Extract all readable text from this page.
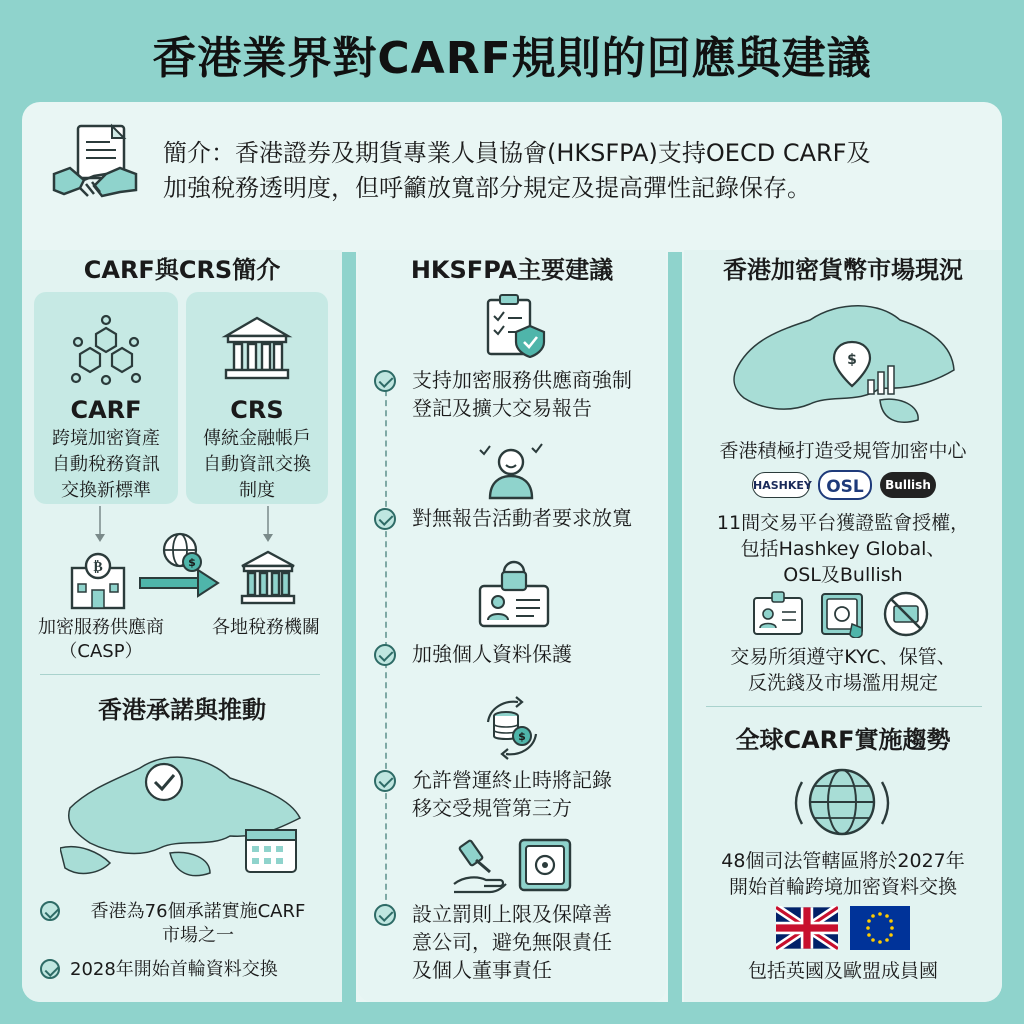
香港業界對CARF規則的回應與建議
簡介：香港證券及期貨專業人員協會(HKSFPA)支持OECD CARF及
加強稅務透明度，但呼籲放寬部分規定及提高彈性記錄保存。
CARF與CRS簡介
CARF
跨境加密資產
自動稅務資訊
交換新標準
CRS
傳統金融帳戶
自動資訊交換
制度
₿	$
加密服務供應商
（CASP）
各地稅務機關
香港承諾與推動
香港為76個承諾實施CARF
市場之一
2028年開始首輪資料交換
HKSFPA主要建議
支持加密服務供應商強制
登記及擴大交易報告
對無報告活動者要求放寬
加強個人資料保護
$
允許營運終止時將記錄
移交受規管第三方
設立罰則上限及保障善
意公司，避免無限責任
及個人董事責任
香港加密貨幣市場現況
$
香港積極打造受規管加密中心
HASHKEY OSL	Bullish
11間交易平台獲證監會授權，
包括Hashkey Global、
OSL及Bullish
交易所須遵守KYC、保管、
反洗錢及市場濫用規定
全球CARF實施趨勢
48個司法管轄區將於2027年
開始首輪跨境加密資料交換
包括英國及歐盟成員國
